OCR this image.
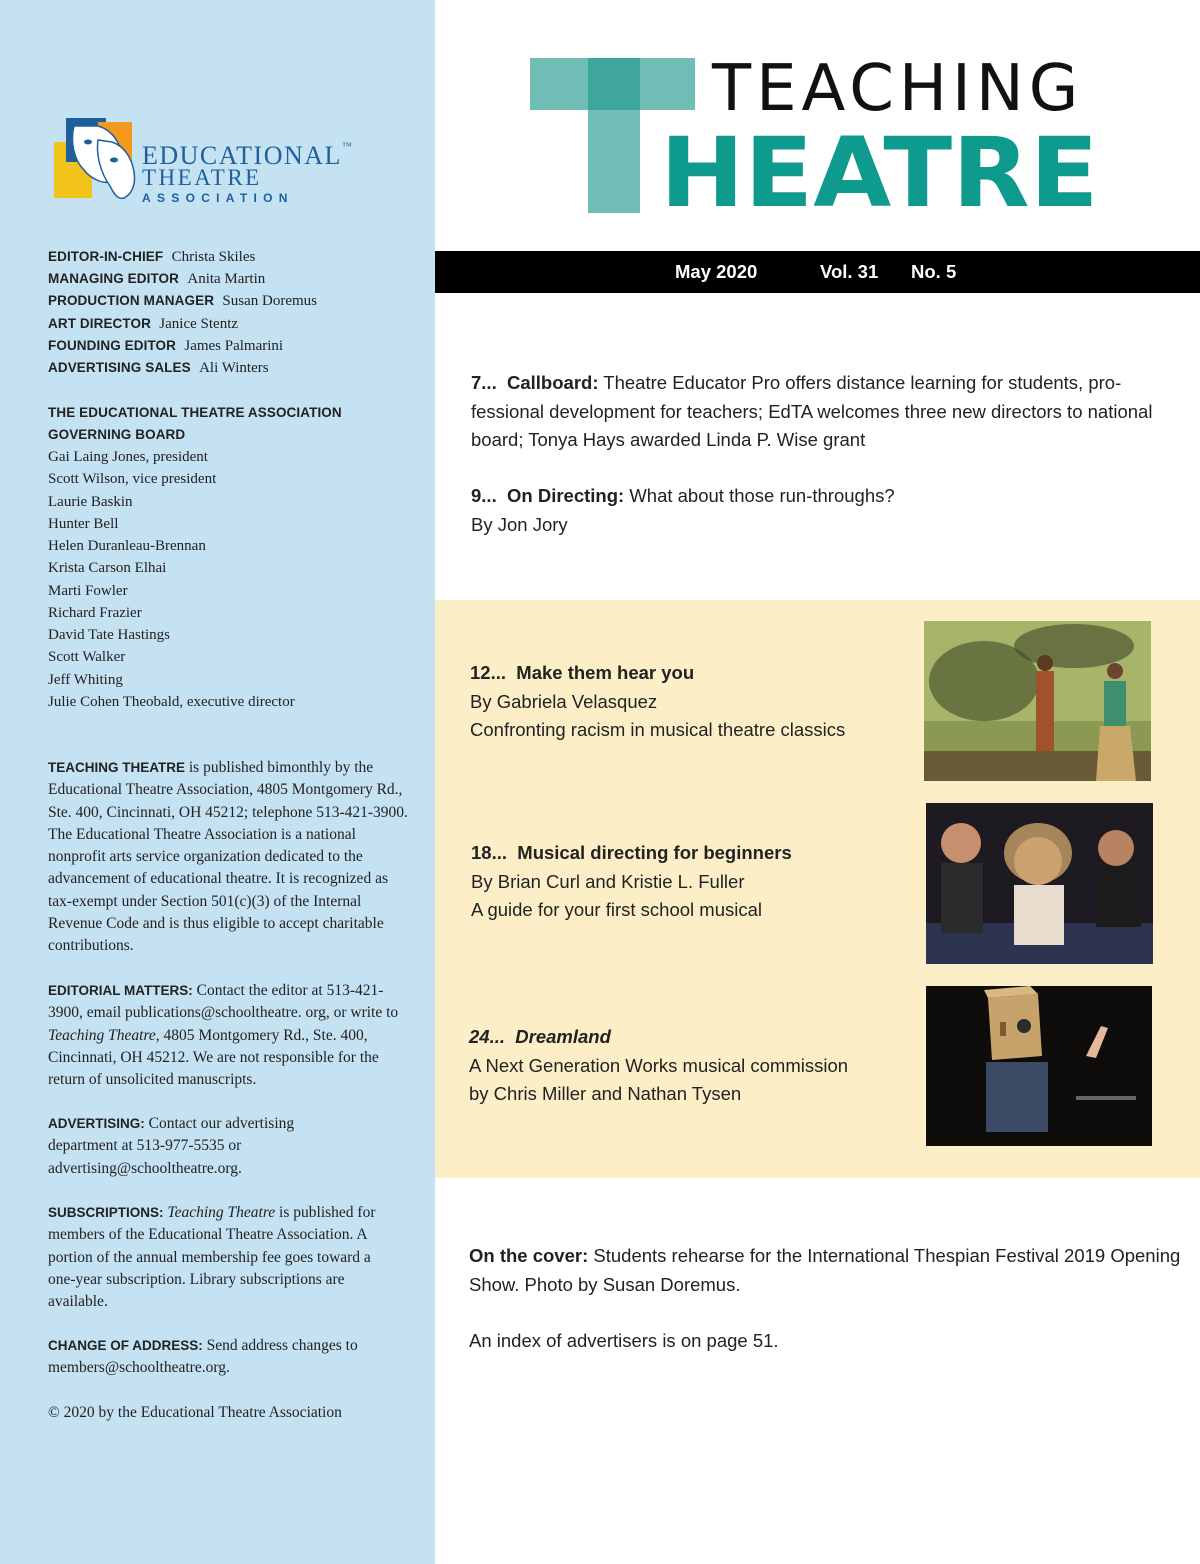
EDUCATIONAL™
THEATRE
ASSOCIATION
EDITOR-IN-CHIEF Christa Skiles
MANAGING EDITOR Anita Martin
PRODUCTION MANAGER Susan Doremus
ART DIRECTOR Janice Stentz
FOUNDING EDITOR James Palmarini
ADVERTISING SALES Ali Winters
THE EDUCATIONAL THEATRE ASSOCIATION
GOVERNING BOARD
Gai Laing Jones, president
Scott Wilson, vice president
Laurie Baskin
Hunter Bell
Helen Duranleau-Brennan
Krista Carson Elhai
Marti Fowler
Richard Frazier
David Tate Hastings
Scott Walker
Jeff Whiting
Julie Cohen Theobald, executive director
TEACHING THEATRE is published bimonthly by the Educational Theatre Association, 4805 Montgomery Rd., Ste. 400, Cincinnati, OH 45212; telephone 513-421-3900. The Educational Theatre Association is a national nonprofit arts service organization dedicated to the advancement of educational theatre. It is recognized as tax-exempt under Section 501(c)(3) of the Internal Revenue Code and is thus eligible to accept charitable contributions.
EDITORIAL MATTERS: Contact the editor at 513-421-3900, email publications@schooltheatre. org, or write to Teaching Theatre, 4805 Montgomery Rd., Ste. 400, Cincinnati, OH 45212. We are not responsible for the return of unsolicited manuscripts.
ADVERTISING: Contact our advertising department at 513-977-5535 or advertising@schooltheatre.org.
SUBSCRIPTIONS: Teaching Theatre is published for members of the Educational Theatre Association. A portion of the annual membership fee goes toward a one-year subscription. Library subscriptions are available.
CHANGE OF ADDRESS: Send address changes to members@schooltheatre.org.
© 2020 by the Educational Theatre Association
TEACHING
HEATRE
May 2020	Vol. 31 No. 5
7... Callboard: Theatre Educator Pro offers distance learning for students, pro-
fessional development for teachers; EdTA welcomes three new directors to national
board; Tonya Hays awarded Linda P. Wise grant
9... On Directing: What about those run-throughs?
By Jon Jory
12... Make them hear you
By Gabriela Velasquez
Confronting racism in musical theatre classics
18... Musical directing for beginners
By Brian Curl and Kristie L. Fuller
A guide for your first school musical
24... Dreamland
A Next Generation Works musical commission
by Chris Miller and Nathan Tysen
On the cover: Students rehearse for the International Thespian Festival 2019 Opening
Show. Photo by Susan Doremus.
An index of advertisers is on page 51.
